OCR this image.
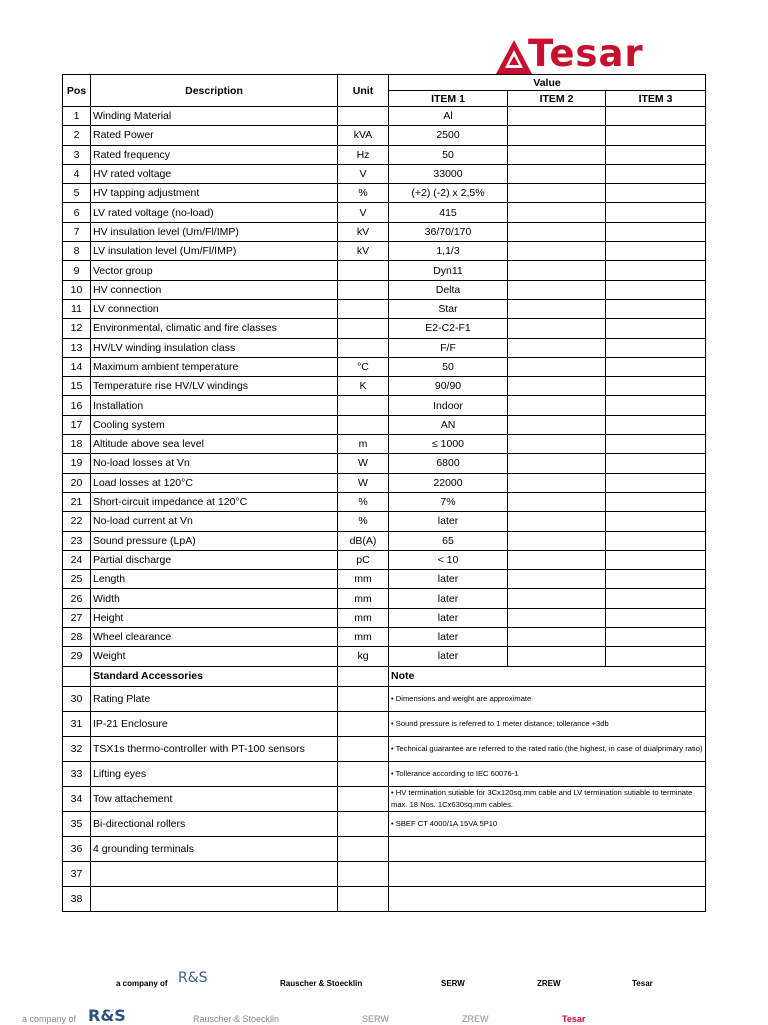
Tesar
Pos	Description	Unit	Value		
			ITEM 1	ITEM 2	ITEM 3
1	Winding Material		Al		
2	Rated Power	kVA	2500		
3	Rated frequency	Hz	50		
4	HV rated voltage	V	33000		
5	HV tapping adjustment	%	(+2) (-2) x 2,5%		
6	LV rated voltage (no-load)	V	415		
7	HV insulation level (Um/Fl/IMP)	kV	36/70/170		
8	LV insulation level (Um/Fl/IMP)	kV	1,1/3		
9	Vector group		Dyn11		
10	HV connection		Delta		
11	LV connection		Star		
12	Environmental, climatic and fire classes		E2-C2-F1		
13	HV/LV winding insulation class		F/F		
14	Maximum ambient temperature	°C	50		
15	Temperature rise HV/LV windings	K	90/90		
16	Installation		Indoor		
17	Cooling system		AN		
18	Altitude above sea level	m	≤ 1000		
19	No-load losses at Vn	W	6800		
20	Load losses at 120°C	W	22000		
21	Short-circuit impedance at 120°C	%	7%		
22	No-load current at Vn	%	later		
23	Sound pressure (LpA)	dB(A)	65		
24	Partial discharge	pC	< 10		
25	Length	mm	later		
26	Width	mm	later		
27	Height	mm	later		
28	Wheel clearance	mm	later		
29	Weight	kg	later		
	Standard Accessories		Note		
30	Rating Plate		• Dimensions and weight are approximate		
31	IP-21 Enclosure		• Sound pressure is referred to 1 meter distance; tollerance +3db		
32	TSX1s thermo-controller with PT-100 sensors		• Technical guarantee are referred to the rated ratio (the highest, in case of dualprimary ratio)		
33	Lifting eyes		• Tollerance according to IEC 60076-1		
34	Tow attachement		• HV termination sutiable for 3Cx120sq.mm cable and LV termination sutiable to terminate max. 18 Nos. 1Cx630sq.mm cables.		
35	Bi-directional rollers		• SBEF CT 4000/1A 15VA 5P10		
36	4 grounding terminals				
37					
38					
a company of R&S	Rauscher & Stoecklin	SERW	ZREW	Tesar
a company of R&S	Rauscher & Stoecklin	SERW	ZREW	Tesar
